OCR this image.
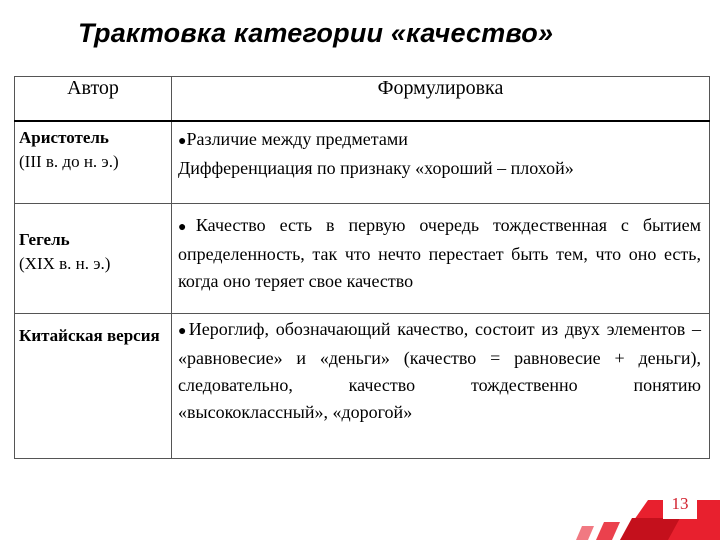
Трактовка категории «качество»
Автор	Формулировка

Аристотель
(III в. до н. э.)	●Различие между предметами
Дифференциация по признаку «хороший – плохой»

Гегель
(XIX в. н. э.)	●Качество есть в первую очередь тождественная с бытием определенность, так что нечто перестает быть тем, что оно есть, когда оно теряет свое качество

Китайская версия	●Иероглиф, обозначающий качество, состоит из двух элементов – «равновесие» и «деньги» (качество = равновесие + деньги), следовательно, качество тождественно понятию «высококлассный», «дорогой»
13
